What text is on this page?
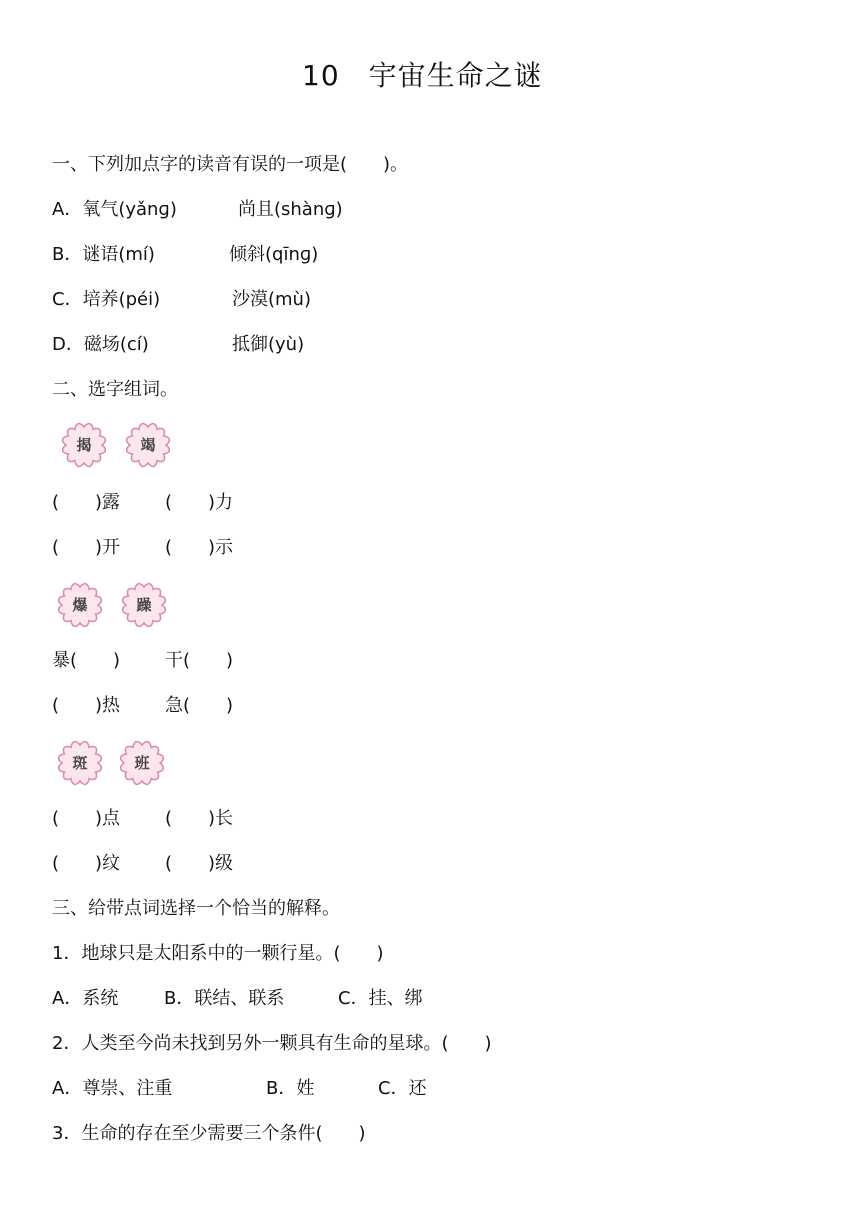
10　宇宙生命之谜
一、下列加点字的读音有误的一项是(　　)。
A．氧气(yǎnɡ)	尚且(shànɡ)
B．谜语(mí)	倾斜(qīnɡ)
C．培养(péi)	沙漠(mù)
D．磁场(cí)	抵御(yù)
二、选字组词。
揭	竭
(　　)露 (　　)力
(　　)开 (　　)示
爆	躁
暴(　　) 干(　　)
(　　)热 急(　　)
斑	班
(　　)点 (　　)长
(　　)纹 (　　)级
三、给带点词选择一个恰当的解释。
1．地球只是太阳系中的一颗行星。(　　)
A．系统	B．联结、联系	C．挂、绑
2．人类至今尚未找到另外一颗具有生命的星球。(　　)
A．尊崇、注重	B．姓	C．还
3．生命的存在至少需要三个条件(　　)
